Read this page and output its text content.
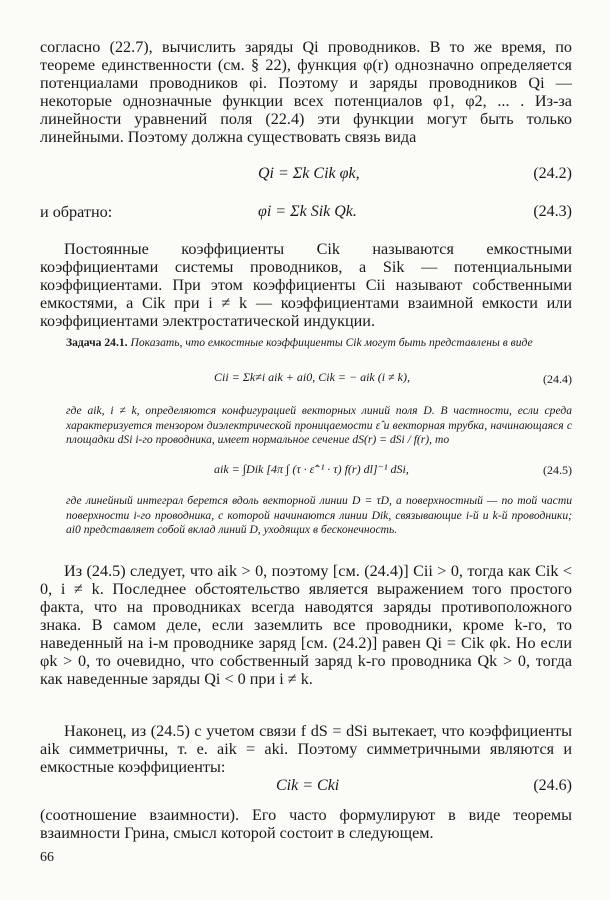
согласно (22.7), вычислить заряды Qi проводников. В то же время, по теореме единственности (см. § 22), функция φ(r) однозначно определяется потенциалами проводников φi. Поэтому и заряды проводников Qi — некоторые однозначные функции всех потенциалов φ1, φ2, ... . Из-за линейности уравнений поля (22.4) эти функции могут быть только линейными. Поэтому должна существовать связь вида
Qi = Σk Cik φk,	(24.2)
и обратно:	φi = Σk Sik Qk.	(24.3)
Постоянные коэффициенты Cik называются емкостными коэффициентами системы проводников, а Sik — потенциальными коэффициентами. При этом коэффициенты Cii называют собственными емкостями, а Cik при i ≠ k — коэффициентами взаимной емкости или коэффициентами электростатической индукции.
Задача 24.1. Показать, что емкостные коэффициенты Cik могут быть представлены в виде
Cii = Σk≠i aik + ai0, Cik = − aik (i ≠ k),	(24.4)
где aik, i ≠ k, определяются конфигурацией векторных линий поля D. В частности, если среда характеризуется тензором диэлектрической проницаемости ε̂ и векторная трубка, начинающаяся с площадки dSi i-го проводника, имеет нормальное сечение dS(r) = dSi / f(r), то
aik = ∫Dik [4π ∫ (τ · ε̂⁻¹ · τ) f(r) dl]⁻¹ dSi,	(24.5)
где линейный интеграл берется вдоль векторной линии D = τD, а поверхностный — по той части поверхности i-го проводника, с которой начинаются линии Dik, связывающие i-й и k-й проводники; ai0 представляет собой вклад линий D, уходящих в бесконечность.
Из (24.5) следует, что aik > 0, поэтому [см. (24.4)] Cii > 0, тогда как Cik < 0, i ≠ k. Последнее обстоятельство является выражением того простого факта, что на проводниках всегда наводятся заряды противоположного знака. В самом деле, если заземлить все проводники, кроме k-го, то наведенный на i-м проводнике заряд [см. (24.2)] равен Qi = Cik φk. Но если φk > 0, то очевидно, что собственный заряд k-го проводника Qk > 0, тогда как наведенные заряды Qi < 0 при i ≠ k.
Наконец, из (24.5) с учетом связи f dS = dSi вытекает, что коэффициенты aik симметричны, т. е. aik = aki. Поэтому симметричными являются и емкостные коэффициенты:
Cik = Cki	(24.6)
(соотношение взаимности). Его часто формулируют в виде теоремы взаимности Грина, смысл которой состоит в следующем.
66
